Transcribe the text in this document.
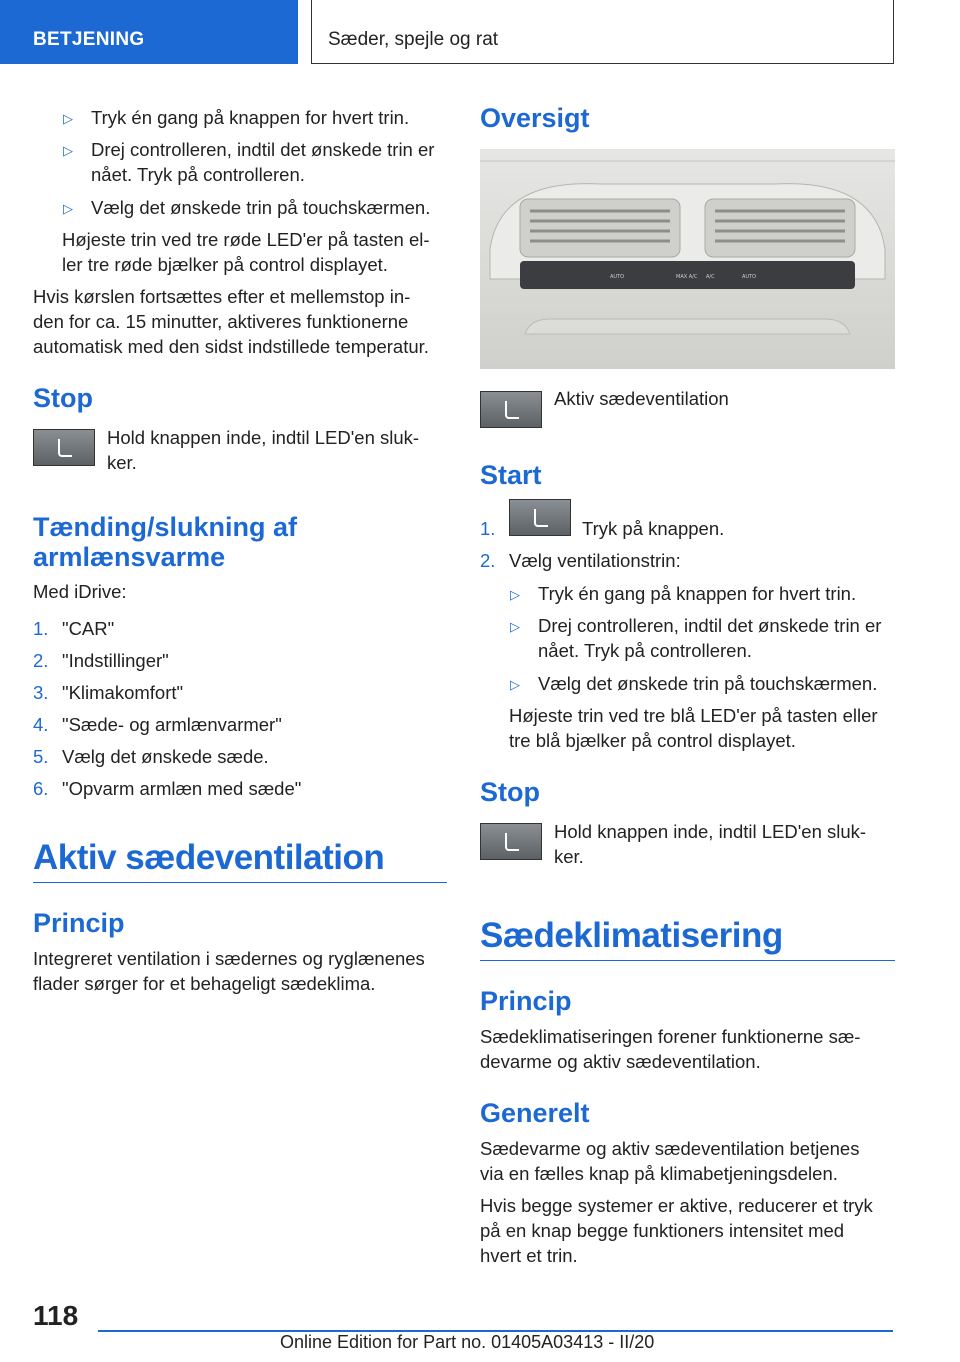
BETJENING	Sæder, spejle og rat
▷ Tryk én gang på knappen for hvert trin.
▷ Drej controlleren, indtil det ønskede trin er
nået. Tryk på controlleren.
▷ Vælg det ønskede trin på touchskærmen.
Højeste trin ved tre røde LED'er på tasten el‐
ler tre røde bjælker på control displayet.
Hvis kørslen fortsættes efter et mellemstop in‐
den for ca. 15 minutter, aktiveres funktionerne
automatisk med den sidst indstillede temperatur.
Stop
Hold knappen inde, indtil LED'en sluk‐
ker.
Tænding/slukning af
armlænsvarme
Med iDrive:
1. "CAR"
2. "Indstillinger"
3. "Klimakomfort"
4. "Sæde- og armlænvarmer"
5. Vælg det ønskede sæde.
6. "Opvarm armlæn med sæde"
Aktiv sædeventilation
Princip
Integreret ventilation i sædernes og ryglænenes
flader sørger for et behageligt sædeklima.
Oversigt
AUTO	AUTO
MAX A/C A/C
Aktiv sædeventilation
Start
1.	Tryk på knappen.
2. Vælg ventilationstrin:
▷ Tryk én gang på knappen for hvert trin.
▷ Drej controlleren, indtil det ønskede trin er
nået. Tryk på controlleren.
▷ Vælg det ønskede trin på touchskærmen.
Højeste trin ved tre blå LED'er på tasten eller
tre blå bjælker på control displayet.
Stop
Hold knappen inde, indtil LED'en sluk‐
ker.
Sædeklimatisering
Princip
Sædeklimatiseringen forener funktionerne sæ‐
devarme og aktiv sædeventilation.
Generelt
Sædevarme og aktiv sædeventilation betjenes
via en fælles knap på klimabetjeningsdelen.
Hvis begge systemer er aktive, reducerer et tryk
på en knap begge funktioners intensitet med
hvert et trin.
118
Online Edition for Part no. 01405A03413 - II/20
